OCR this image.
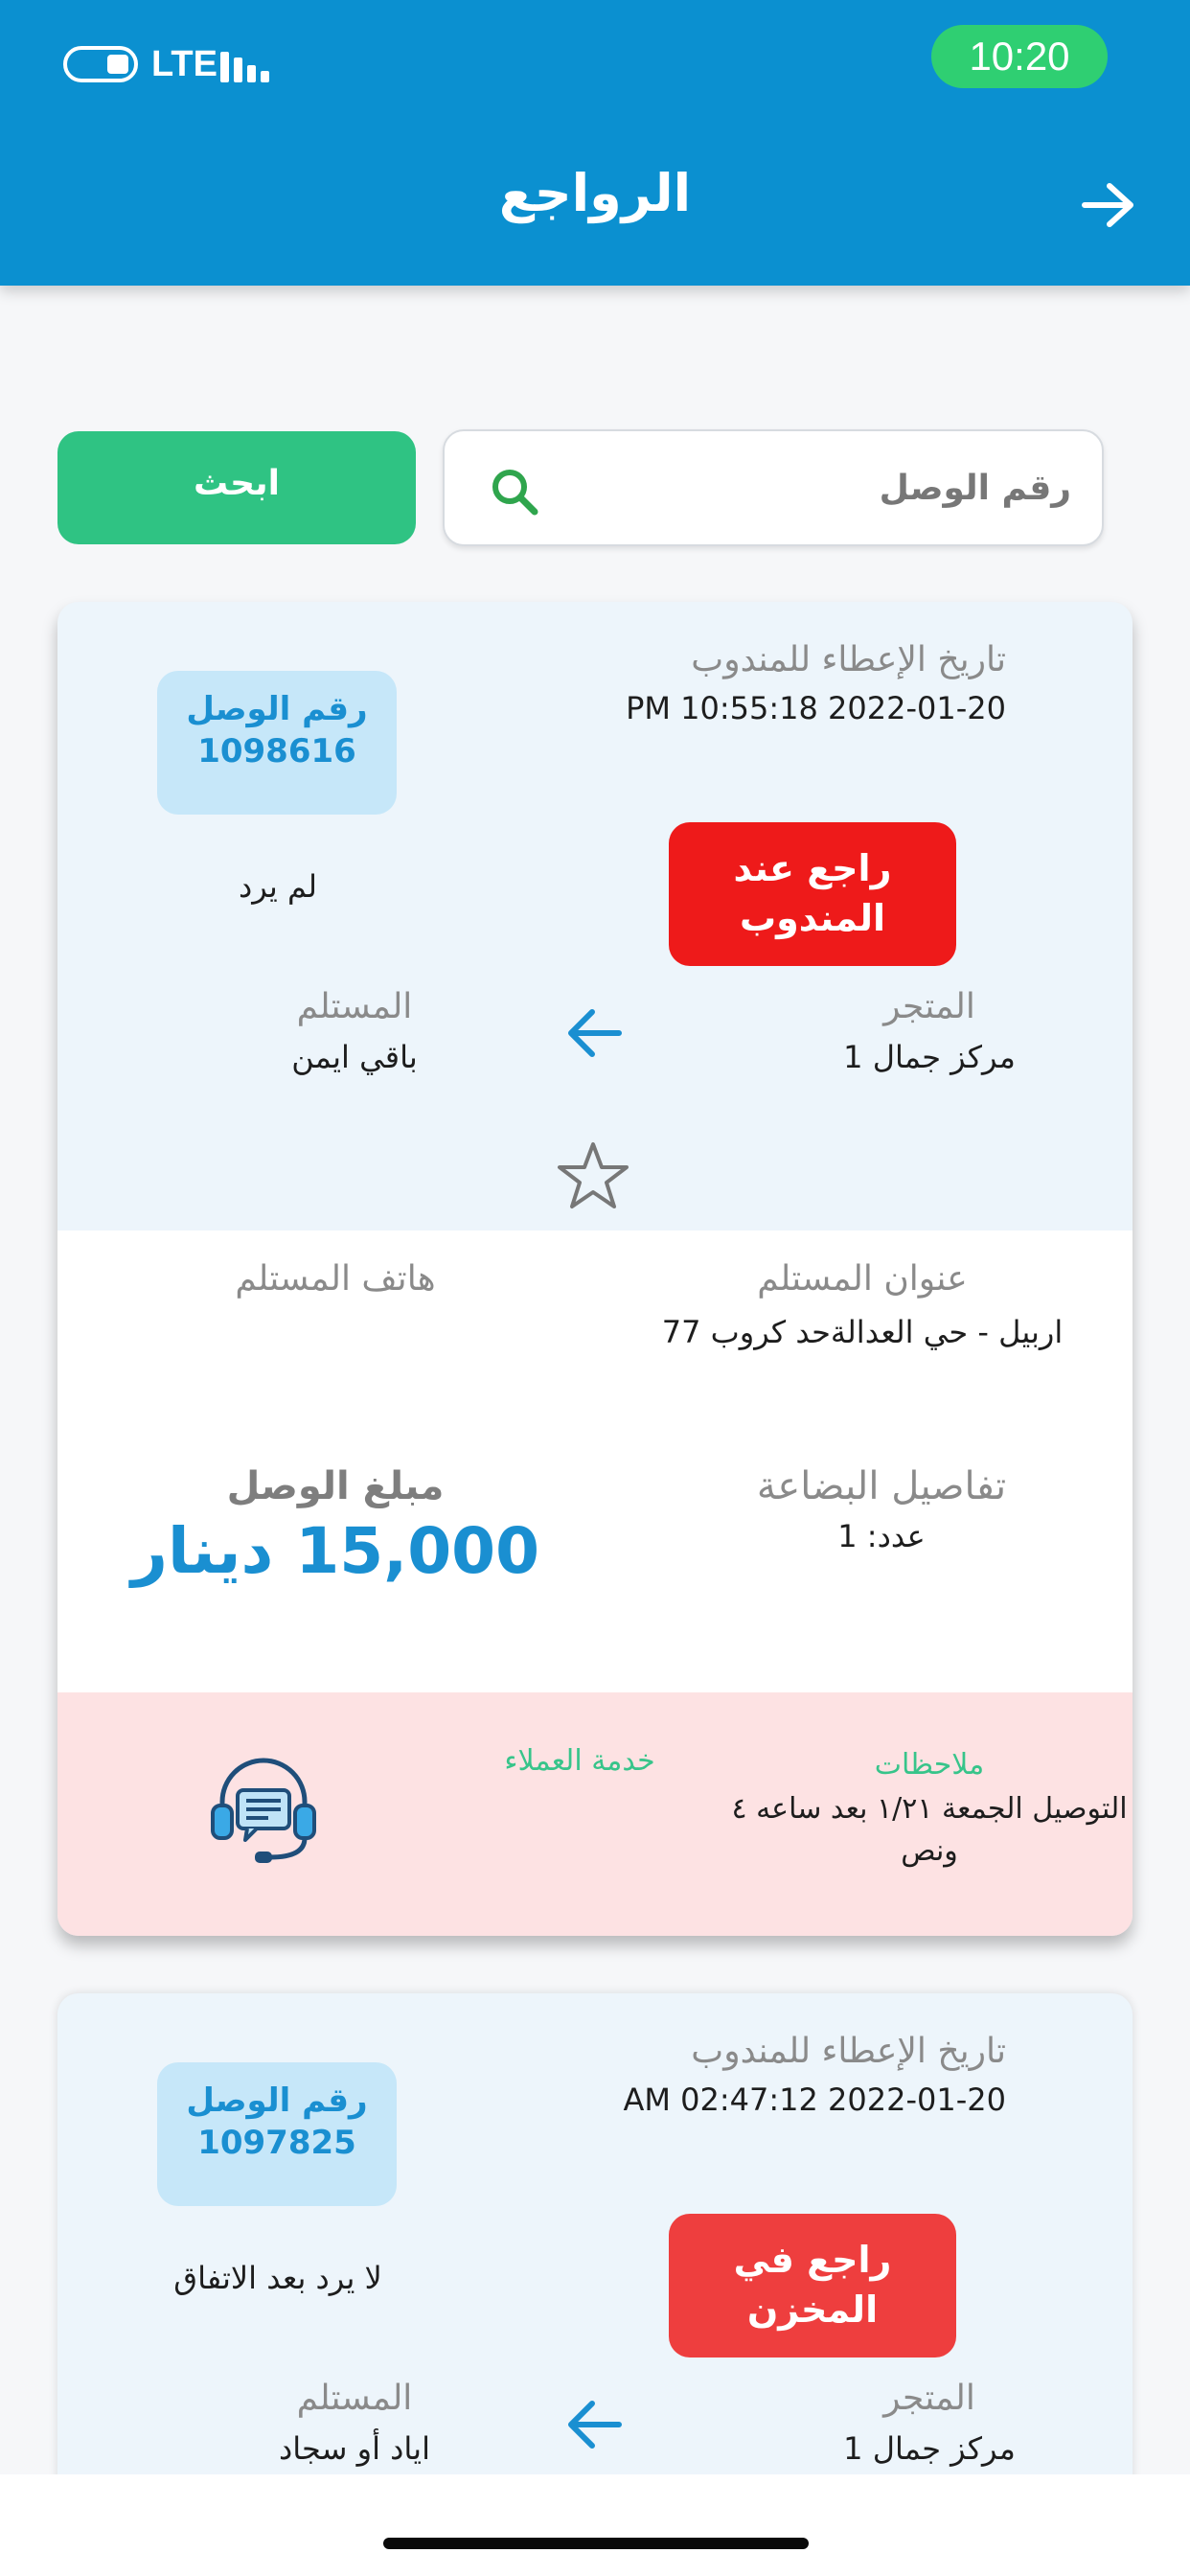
LTE	10:20
الرواجع
ابحث
رقم الوصل
تاريخ الإعطاء للمندوب
PM 10:55:18 2022-01-20
رقم الوصل
1098616
لم يرد	راجع عند
المندوب
المتجر
مركز جمال 1
المستلم
باقي ايمن
عنوان المستلم
اربيل - حي العدالةحد كروب 77
هاتف المستلم
تفاصيل البضاعة
عدد: 1
مبلغ الوصل
15,000 دينار
ملاحظات
التوصيل الجمعة ١/٢١ بعد ساعه ٤ ونص
خدمة العملاء
تاريخ الإعطاء للمندوب
AM 02:47:12 2022-01-20
رقم الوصل
1097825
لا يرد بعد الاتفاق	راجع في
المخزن
المتجر
مركز جمال 1
المستلم
اياد أو سجاد
